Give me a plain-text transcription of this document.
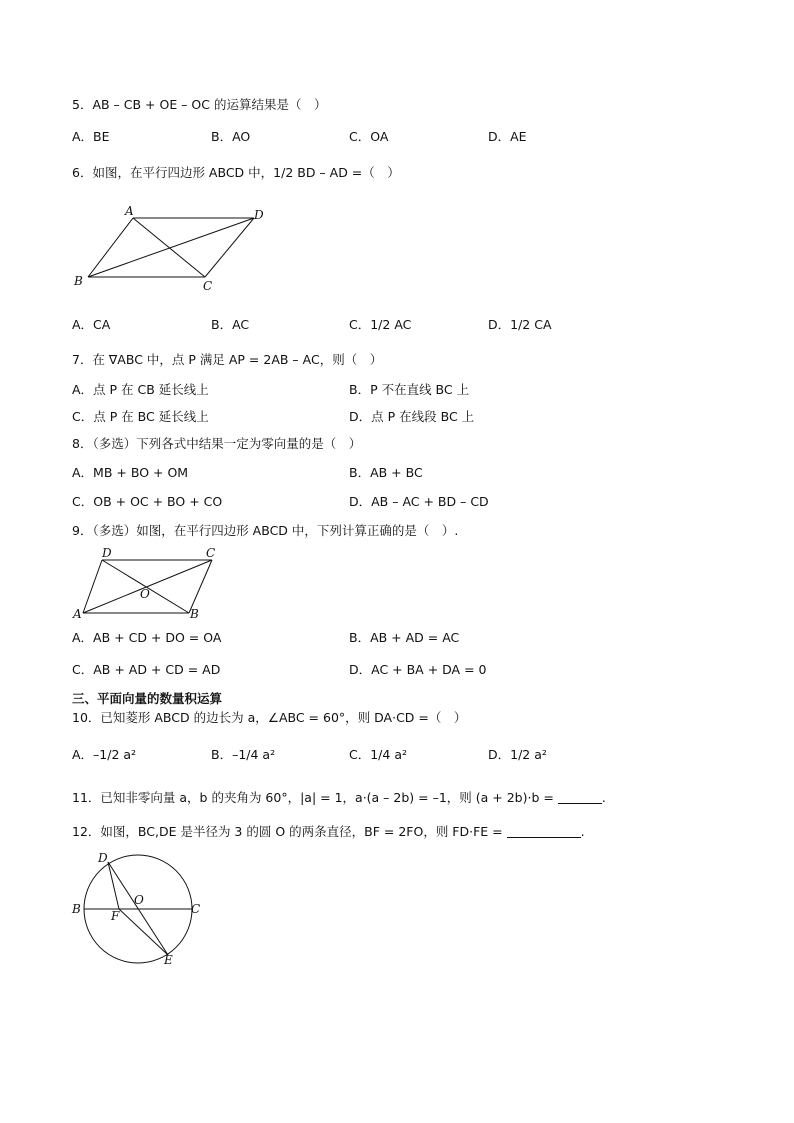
5．AB – CB + OE – OC 的运算结果是（　）
A．BE	B．AO	C．OA	D．AE
6．如图，在平行四边形 ABCD 中，1/2 BD – AD =（　）
A	D
B	C
A．CA	B．AC	C．1/2 AC	D．1/2 CA
7．在 ∇ABC 中，点 P 满足 AP = 2AB – AC，则（　）
A．点 P 在 CB 延长线上	B．P 不在直线 BC 上
C．点 P 在 BC 延长线上	D．点 P 在线段 BC 上
8．（多选）下列各式中结果一定为零向量的是（　）
A．MB + BO + OM	B．AB + BC
C．OB + OC + BO + CO	D．AB – AC + BD – CD
9．（多选）如图，在平行四边形 ABCD 中，下列计算正确的是（　）.
D	C
O
A	B
A．AB + CD + DO = OA	B．AB + AD = AC
C．AB + AD + CD = AD	D．AC + BA + DA = 0
三、平面向量的数量积运算
10．已知菱形 ABCD 的边长为 a，∠ABC = 60°，则 DA·CD =（　）
A．–1/2 a²	B．–1/4 a²	C．1/4 a²	D．1/2 a²
11．已知非零向量 a，b 的夹角为 60°，|a| = 1，a·(a – 2b) = –1，则 (a + 2b)·b =	.
12．如图，BC,DE 是半径为 3 的圆 O 的两条直径，BF = 2FO，则 FD·FE =	.
D
B
O
C
F
E
